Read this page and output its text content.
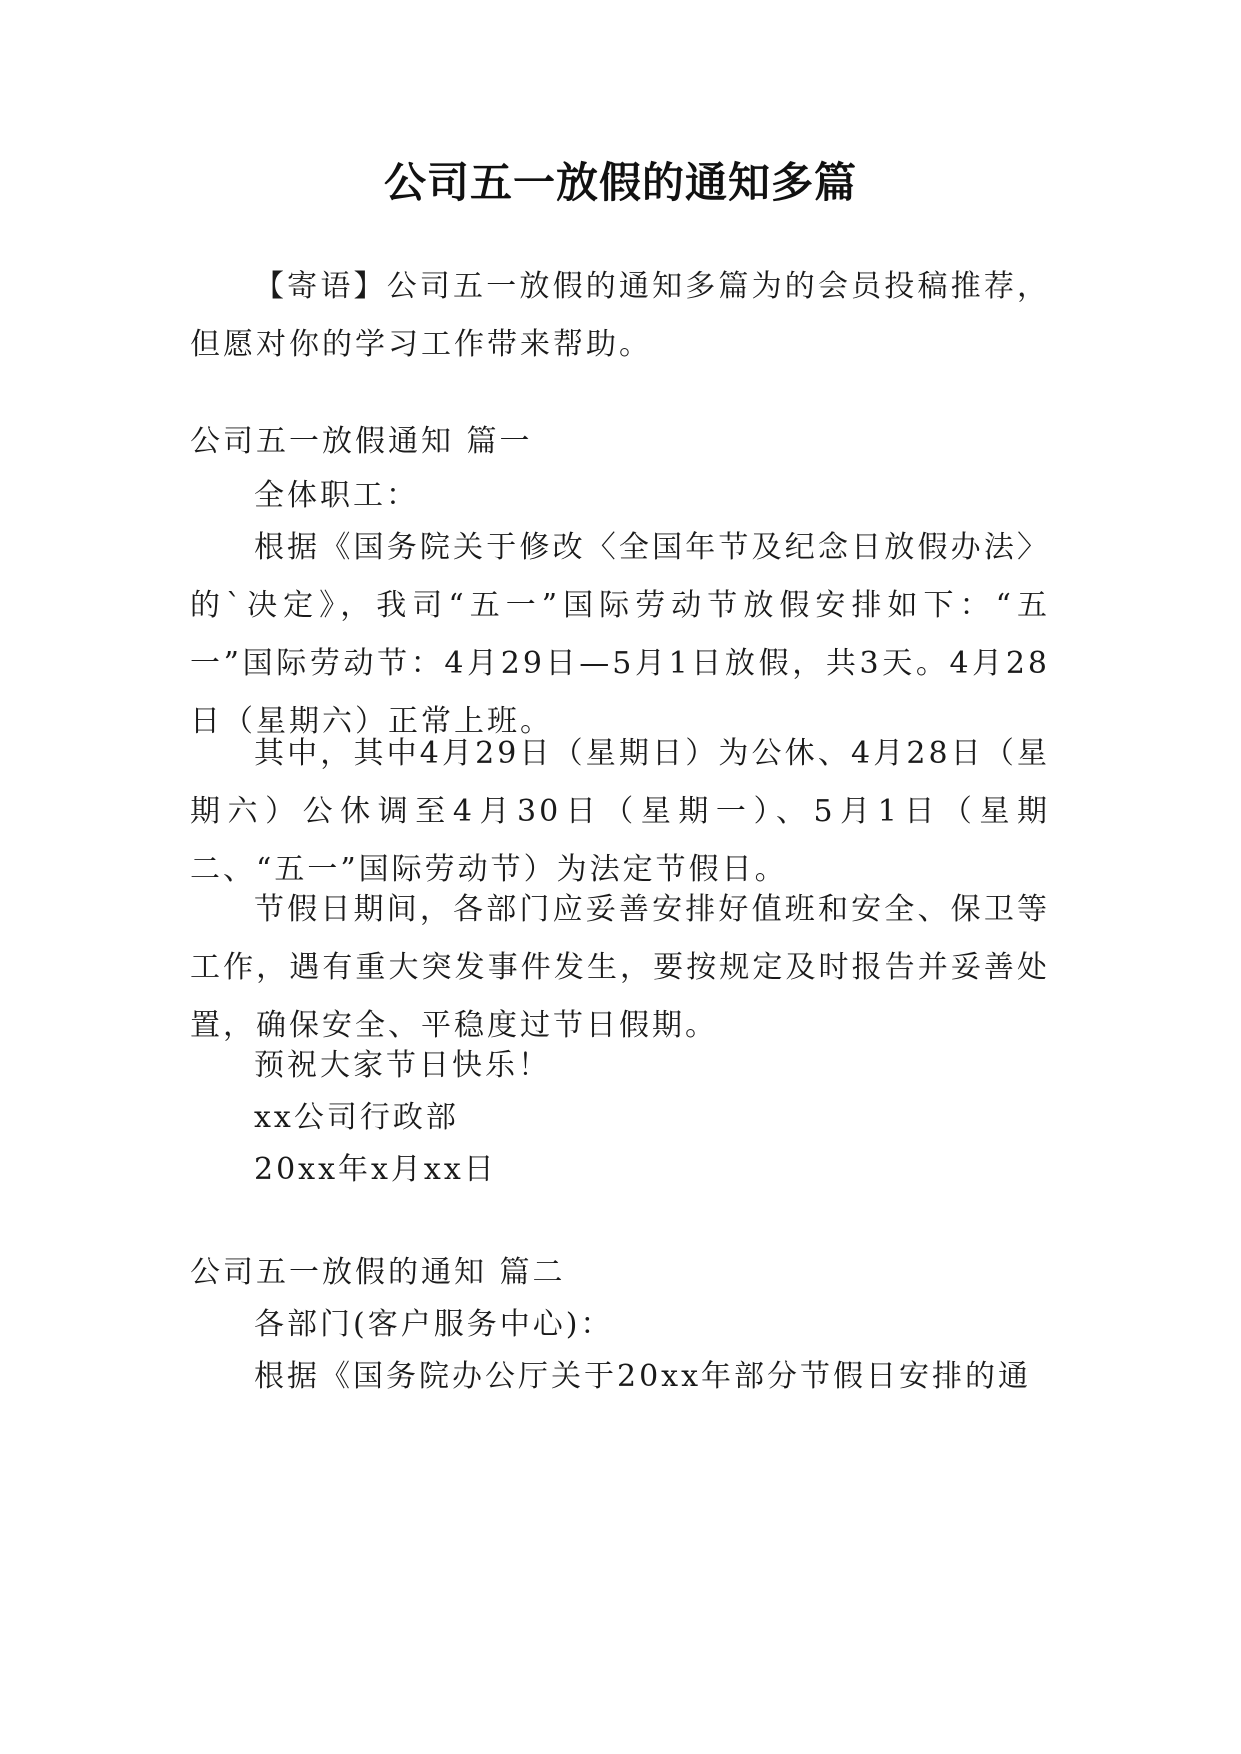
公司五一放假的通知多篇
【寄语】公司五一放假的通知多篇为的会员投稿推荐，但愿对你的学习工作带来帮助。
公司五一放假通知 篇一
全体职工：
根据《国务院关于修改〈全国年节及纪念日放假办法〉的`决定》，我司“五一”国际劳动节放假安排如下：“五一”国际劳动节：4月29日—5月1日放假，共3天。4月28日（星期六）正常上班。
其中，其中4月29日（星期日）为公休、4月28日（星期六）公休调至4月30日（星期一）、5月1日（星期二、“五一”国际劳动节）为法定节假日。
节假日期间，各部门应妥善安排好值班和安全、保卫等工作，遇有重大突发事件发生，要按规定及时报告并妥善处置，确保安全、平稳度过节日假期。
预祝大家节日快乐！
xx公司行政部
20xx年x月xx日
公司五一放假的通知 篇二
各部门(客户服务中心)：
根据《国务院办公厅关于20xx年部分节假日安排的通
